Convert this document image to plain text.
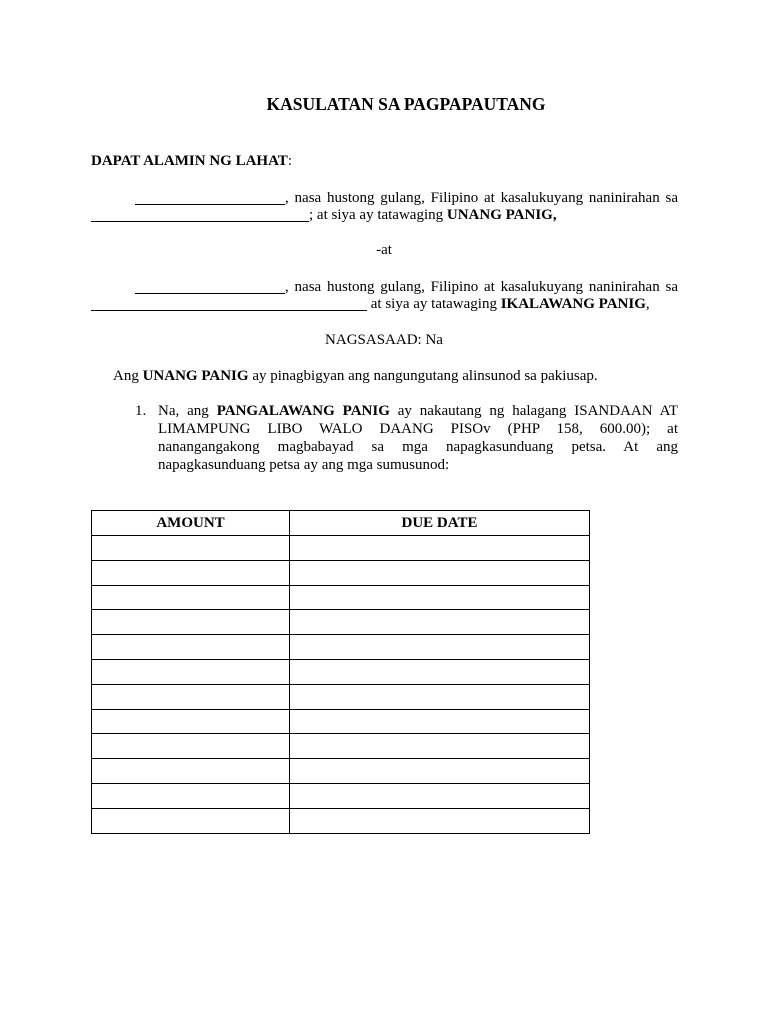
KASULATAN SA PAGPAPAUTANG
DAPAT ALAMIN NG LAHAT:
, nasa hustong gulang, Filipino at kasalukuyang naninirahan sa
; at siya ay tatawaging UNANG PANIG,
-at
, nasa hustong gulang, Filipino at kasalukuyang naninirahan sa
at siya ay tatawaging IKALAWANG PANIG,
NAGSASAAD: Na
Ang UNANG PANIG ay pinagbigyan ang nangungutang alinsunod sa pakiusap.
1. Na, ang PANGALAWANG PANIG ay nakautang ng halagang ISANDAAN AT
LIMAMPUNG LIBO WALO DAANG PISOv (PHP 158, 600.00); at
nanangangakong magbabayad sa mga napagkasunduang petsa. At ang
napagkasunduang petsa ay ang mga sumusunod:
AMOUNT	DUE DATE
